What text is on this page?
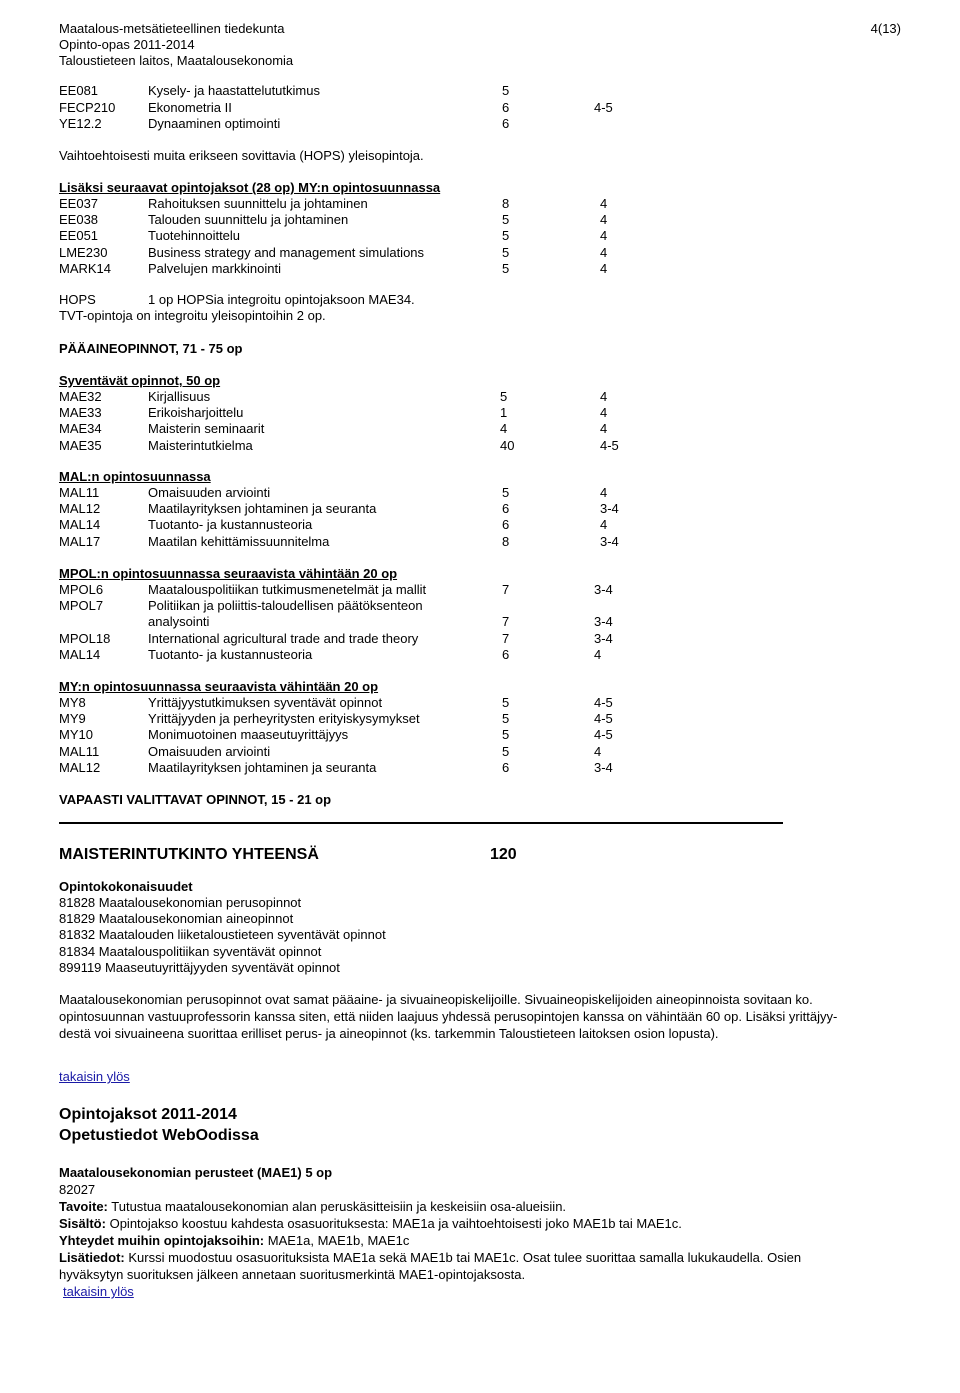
Maatalous-metsätieteellinen tiedekunta	4(13)
Opinto-opas 2011-2014
Taloustieteen laitos, Maatalousekonomia
EE081	Kysely- ja haastattelututkimus	5
FECP210	Ekonometria II	6	4-5
YE12.2	Dynaaminen optimointi	6
Vaihtoehtoisesti muita erikseen sovittavia (HOPS) yleisopintoja.
Lisäksi seuraavat opintojaksot (28 op) MY:n opintosuunnassa
EE037	Rahoituksen suunnittelu ja johtaminen	8	4
EE038	Talouden suunnittelu ja johtaminen	5	4
EE051	Tuotehinnoittelu	5	4
LME230	Business strategy and management simulations	5	4
MARK14	Palvelujen markkinointi	5	4
HOPS	1 op HOPSia integroitu opintojaksoon MAE34.
TVT-opintoja on integroitu yleisopintoihin 2 op.
PÄÄAINEOPINNOT, 71 - 75 op
Syventävät opinnot, 50 op
MAE32	Kirjallisuus	5	4
MAE33	Erikoisharjoittelu	1	4
MAE34	Maisterin seminaarit	4	4
MAE35	Maisterintutkielma	40	4-5
MAL:n opintosuunnassa
MAL11	Omaisuuden arviointi	5	4
MAL12	Maatilayrityksen johtaminen ja seuranta	6	3-4
MAL14	Tuotanto- ja kustannusteoria	6	4
MAL17	Maatilan kehittämissuunnitelma	8	3-4
MPOL:n opintosuunnassa seuraavista vähintään 20 op
MPOL6	Maatalouspolitiikan tutkimusmenetelmät ja mallit	7	3-4
MPOL7	Politiikan ja poliittis-taloudellisen päätöksenteon
analysointi	7	3-4
MPOL18	International agricultural trade and trade theory	7	3-4
MAL14	Tuotanto- ja kustannusteoria	6	4
MY:n opintosuunnassa seuraavista vähintään 20 op
MY8	Yrittäjyystutkimuksen syventävät opinnot	5	4-5
MY9	Yrittäjyyden ja perheyritysten erityiskysymykset	5	4-5
MY10	Monimuotoinen maaseutuyrittäjyys	5	4-5
MAL11	Omaisuuden arviointi	5	4
MAL12	Maatilayrityksen johtaminen ja seuranta	6	3-4
VAPAASTI VALITTAVAT OPINNOT, 15 - 21 op
MAISTERINTUTKINTO YHTEENSÄ	120
Opintokokonaisuudet
81828 Maatalousekonomian perusopinnot
81829 Maatalousekonomian aineopinnot
81832 Maatalouden liiketaloustieteen syventävät opinnot
81834 Maatalouspolitiikan syventävät opinnot
899119 Maaseutuyrittäjyyden syventävät opinnot
Maatalousekonomian perusopinnot ovat samat pääaine- ja sivuaineopiskelijoille. Sivuaineopiskelijoiden aineopinnoista sovitaan ko.
opintosuunnan vastuuprofessorin kanssa siten, että niiden laajuus yhdessä perusopintojen kanssa on vähintään 60 op. Lisäksi yrittäjyy-
destä voi sivuaineena suorittaa erilliset perus- ja aineopinnot (ks. tarkemmin Taloustieteen laitoksen osion lopusta).
takaisin ylös
Opintojaksot 2011-2014
Opetustiedot WebOodissa
Maatalousekonomian perusteet (MAE1) 5 op
82027
Tavoite: Tutustua maatalousekonomian alan peruskäsitteisiin ja keskeisiin osa-alueisiin.
Sisältö: Opintojakso koostuu kahdesta osasuorituksesta: MAE1a ja vaihtoehtoisesti joko MAE1b tai MAE1c.
Yhteydet muihin opintojaksoihin: MAE1a, MAE1b, MAE1c
Lisätiedot: Kurssi muodostuu osasuorituksista MAE1a sekä MAE1b tai MAE1c. Osat tulee suorittaa samalla lukukaudella. Osien
hyväksytyn suorituksen jälkeen annetaan suoritusmerkintä MAE1-opintojaksosta.
takaisin ylös
